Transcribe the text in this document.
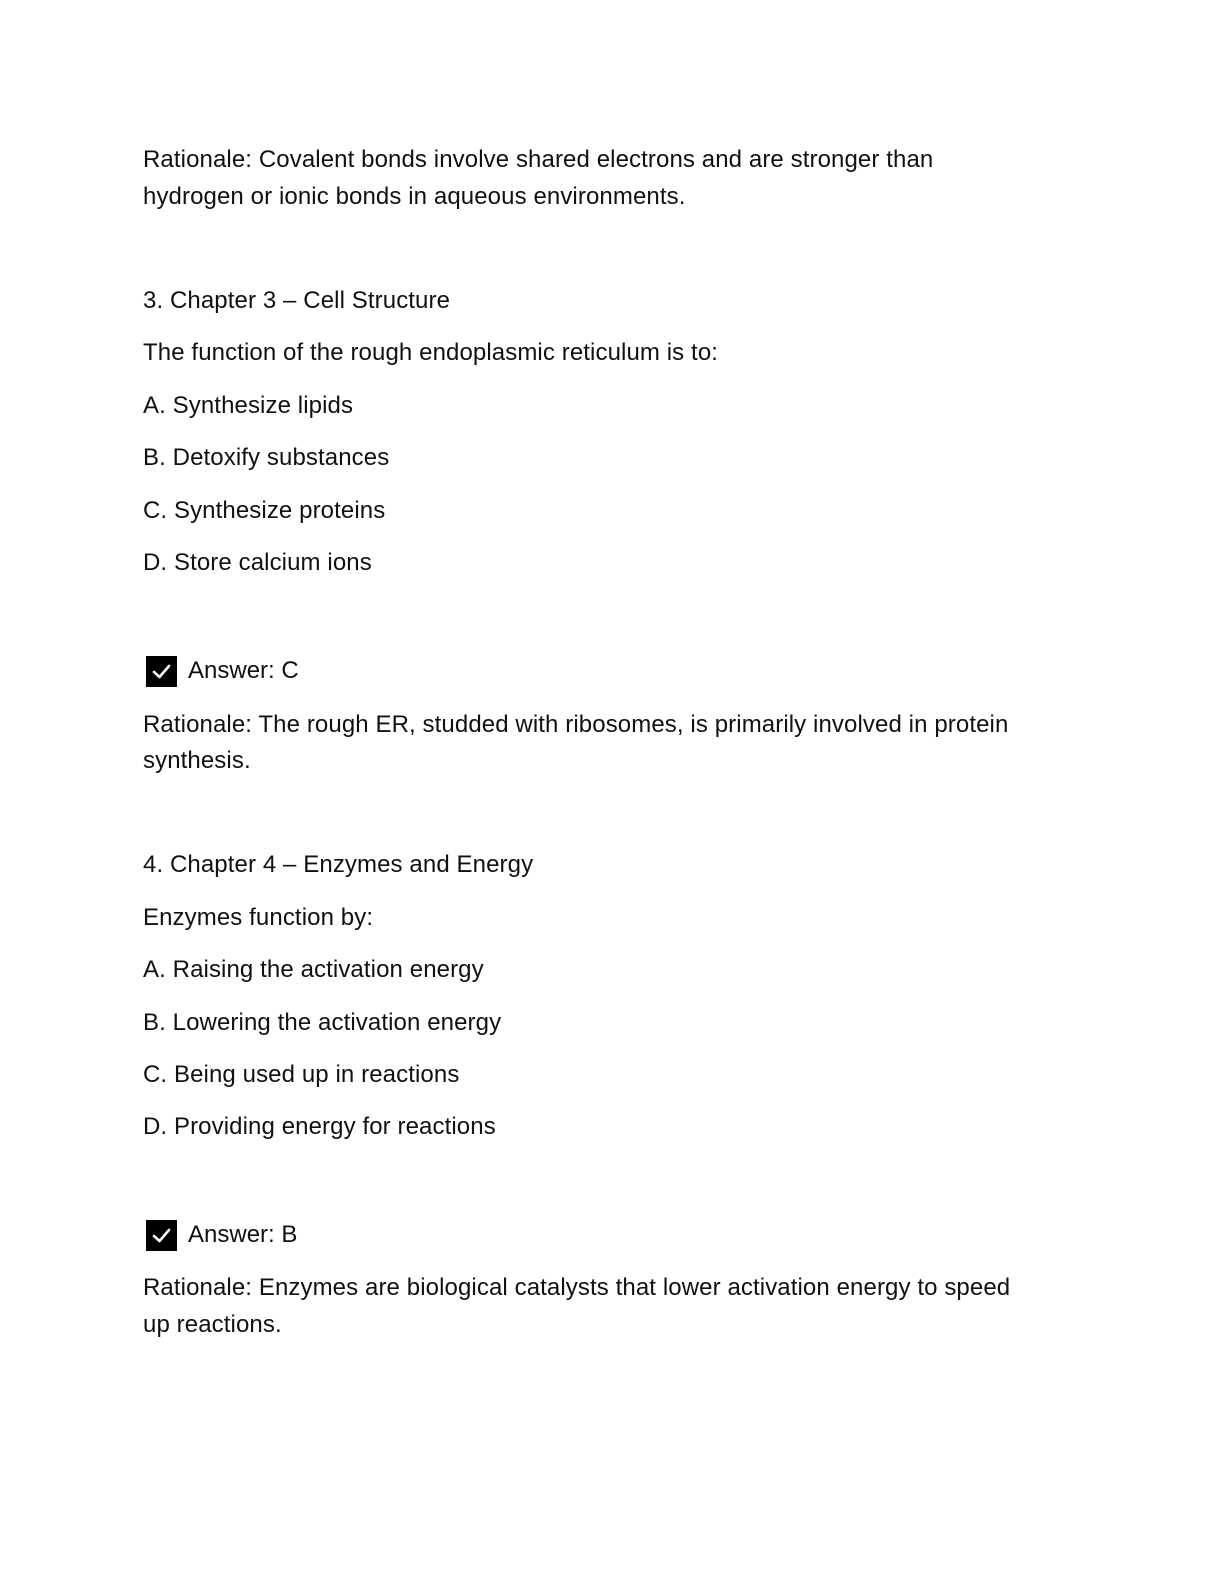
Rationale: Covalent bonds involve shared electrons and are stronger than
hydrogen or ionic bonds in aqueous environments.
3. Chapter 3 – Cell Structure
The function of the rough endoplasmic reticulum is to:
A. Synthesize lipids
B. Detoxify substances
C. Synthesize proteins
D. Store calcium ions
Answer: C
Rationale: The rough ER, studded with ribosomes, is primarily involved in protein
synthesis.
4. Chapter 4 – Enzymes and Energy
Enzymes function by:
A. Raising the activation energy
B. Lowering the activation energy
C. Being used up in reactions
D. Providing energy for reactions
Answer: B
Rationale: Enzymes are biological catalysts that lower activation energy to speed
up reactions.
